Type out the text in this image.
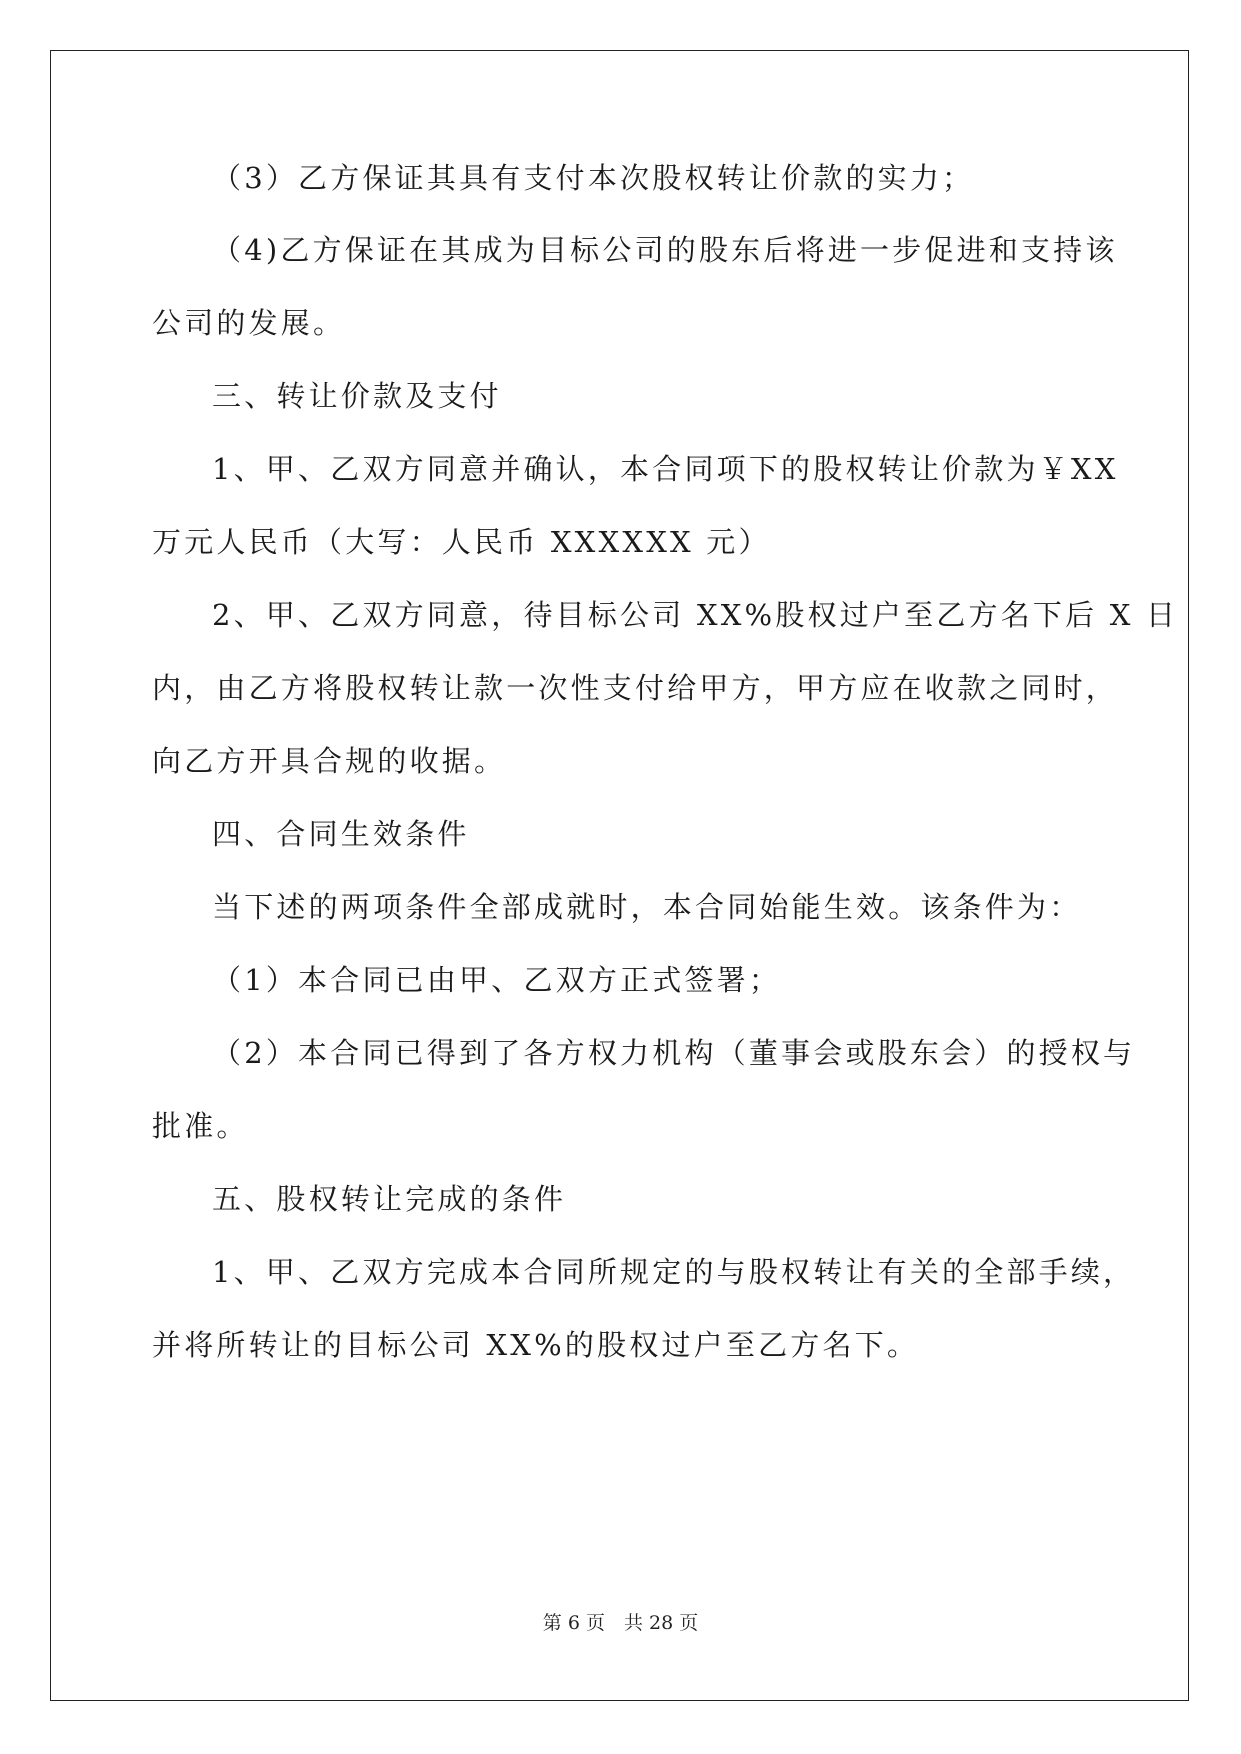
（3）乙方保证其具有支付本次股权转让价款的实力；
（4)乙方保证在其成为目标公司的股东后将进一步促进和支持该
公司的发展。
三、转让价款及支付
1、甲、乙双方同意并确认，本合同项下的股权转让价款为￥XX
万元人民币（大写：人民币 XXXXXX 元）
2、甲、乙双方同意，待目标公司 XX%股权过户至乙方名下后 X 日
内，由乙方将股权转让款一次性支付给甲方，甲方应在收款之同时，
向乙方开具合规的收据。
四、合同生效条件
当下述的两项条件全部成就时，本合同始能生效。该条件为：
（1）本合同已由甲、乙双方正式签署；
（2）本合同已得到了各方权力机构（董事会或股东会）的授权与
批准。
五、股权转让完成的条件
1、甲、乙双方完成本合同所规定的与股权转让有关的全部手续，
并将所转让的目标公司 XX%的股权过户至乙方名下。
第 6 页　共 28 页
